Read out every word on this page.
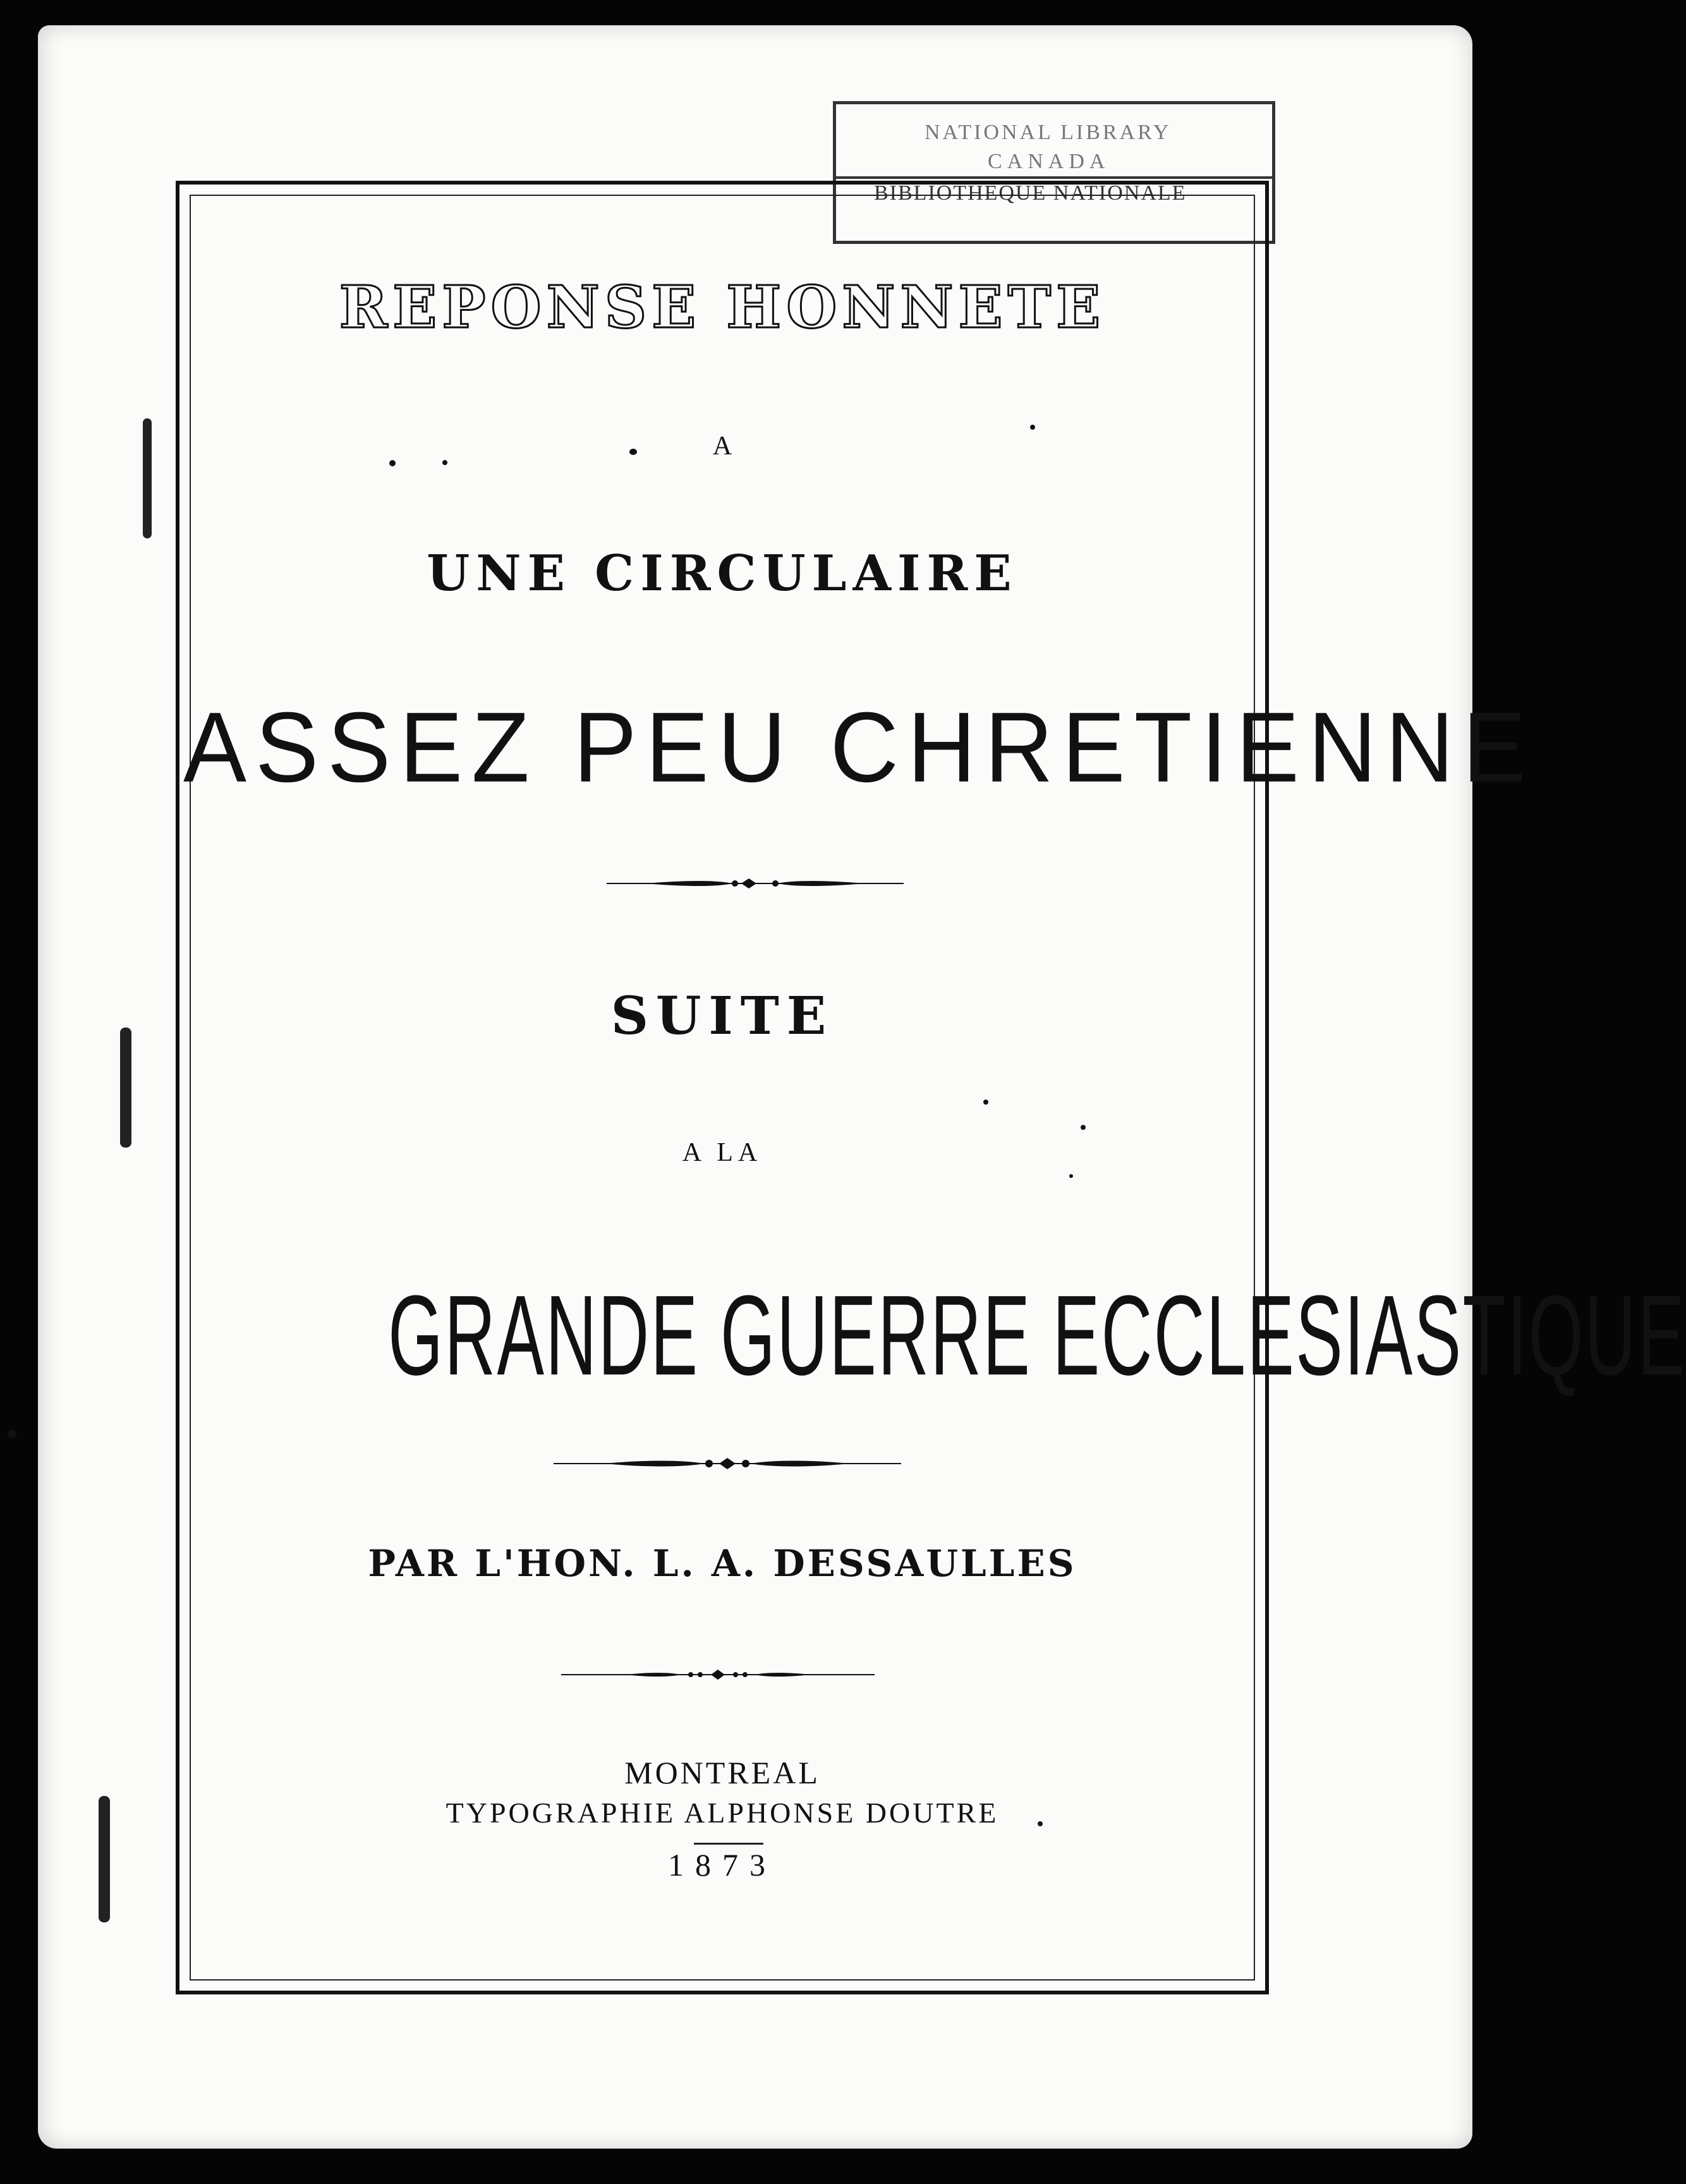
NATIONAL LIBRARY
CANADA
BIBLIOTHÈQUE NATIONALE
REPONSE HONNETE
A
UNE CIRCULAIRE
ASSEZ PEU CHRETIENNE
SUITE
A LA
GRANDE GUERRE ECCLESIASTIQUE
PAR L'HON. L. A. DESSAULLES
MONTREAL
TYPOGRAPHIE ALPHONSE DOUTRE
1873
